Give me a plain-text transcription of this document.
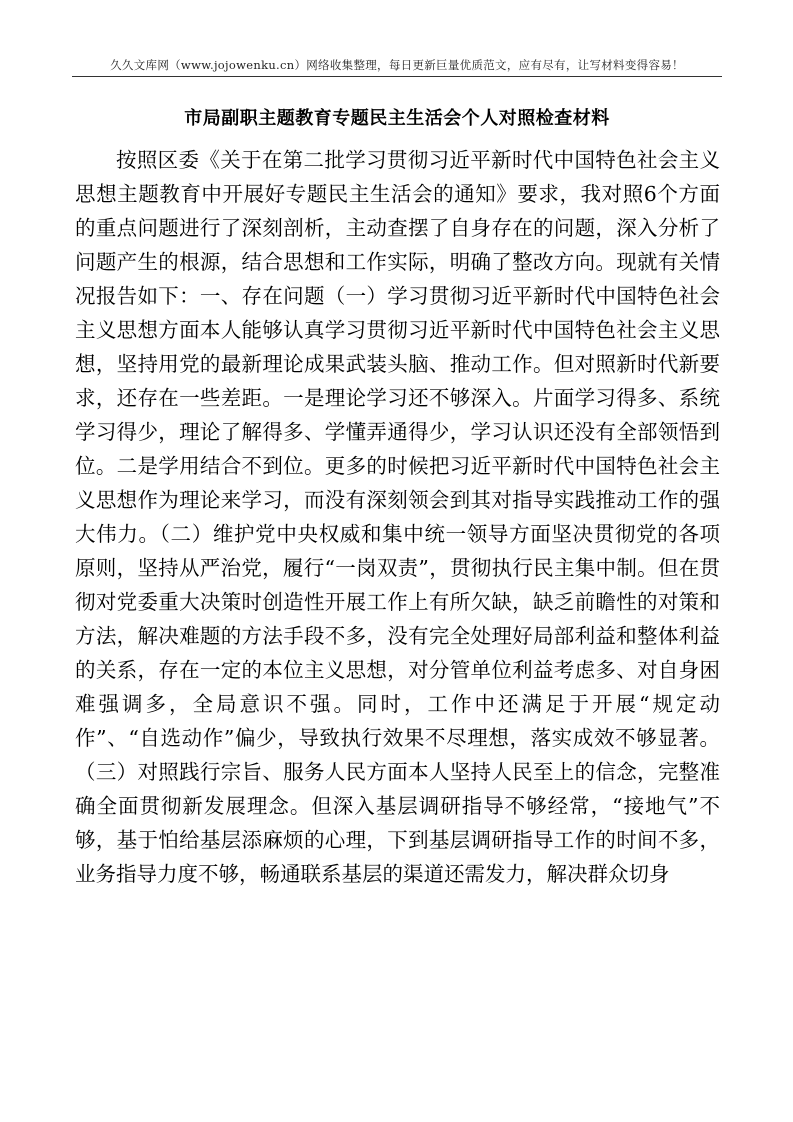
久久文库网（www.jojowenku.cn）网络收集整理，每日更新巨量优质范文，应有尽有，让写材料变得容易！
市局副职主题教育专题民主生活会个人对照检查材料

按照区委《关于在第二批学习贯彻习近平新时代中国特色社会主义思想主题教育中开展好专题民主生活会的通知》要求，我对照6个方面的重点问题进行了深刻剖析，主动查摆了自身存在的问题，深入分析了问题产生的根源，结合思想和工作实际，明确了整改方向。现就有关情况报告如下：一、存在问题（一）学习贯彻习近平新时代中国特色社会主义思想方面本人能够认真学习贯彻习近平新时代中国特色社会主义思想，坚持用党的最新理论成果武装头脑、推动工作。但对照新时代新要求，还存在一些差距。一是理论学习还不够深入。片面学习得多、系统学习得少，理论了解得多、学懂弄通得少，学习认识还没有全部领悟到位。二是学用结合不到位。更多的时候把习近平新时代中国特色社会主义思想作为理论来学习，而没有深刻领会到其对指导实践推动工作的强大伟力。（二）维护党中央权威和集中统一领导方面坚决贯彻党的各项原则，坚持从严治党，履行“一岗双责”，贯彻执行民主集中制。但在贯彻对党委重大决策时创造性开展工作上有所欠缺，缺乏前瞻性的对策和方法，解决难题的方法手段不多，没有完全处理好局部利益和整体利益的关系，存在一定的本位主义思想，对分管单位利益考虑多、对自身困难强调多，全局意识不强。同时，工作中还满足于开展“规定动作”、“自选动作”偏少，导致执行效果不尽理想，落实成效不够显著。（三）对照践行宗旨、服务人民方面本人坚持人民至上的信念，完整准确全面贯彻新发展理念。但深入基层调研指导不够经常，“接地气”不够，基于怕给基层添麻烦的心理，下到基层调研指导工作的时间不多，业务指导力度不够，畅通联系基层的渠道还需发力，解决群众切身
